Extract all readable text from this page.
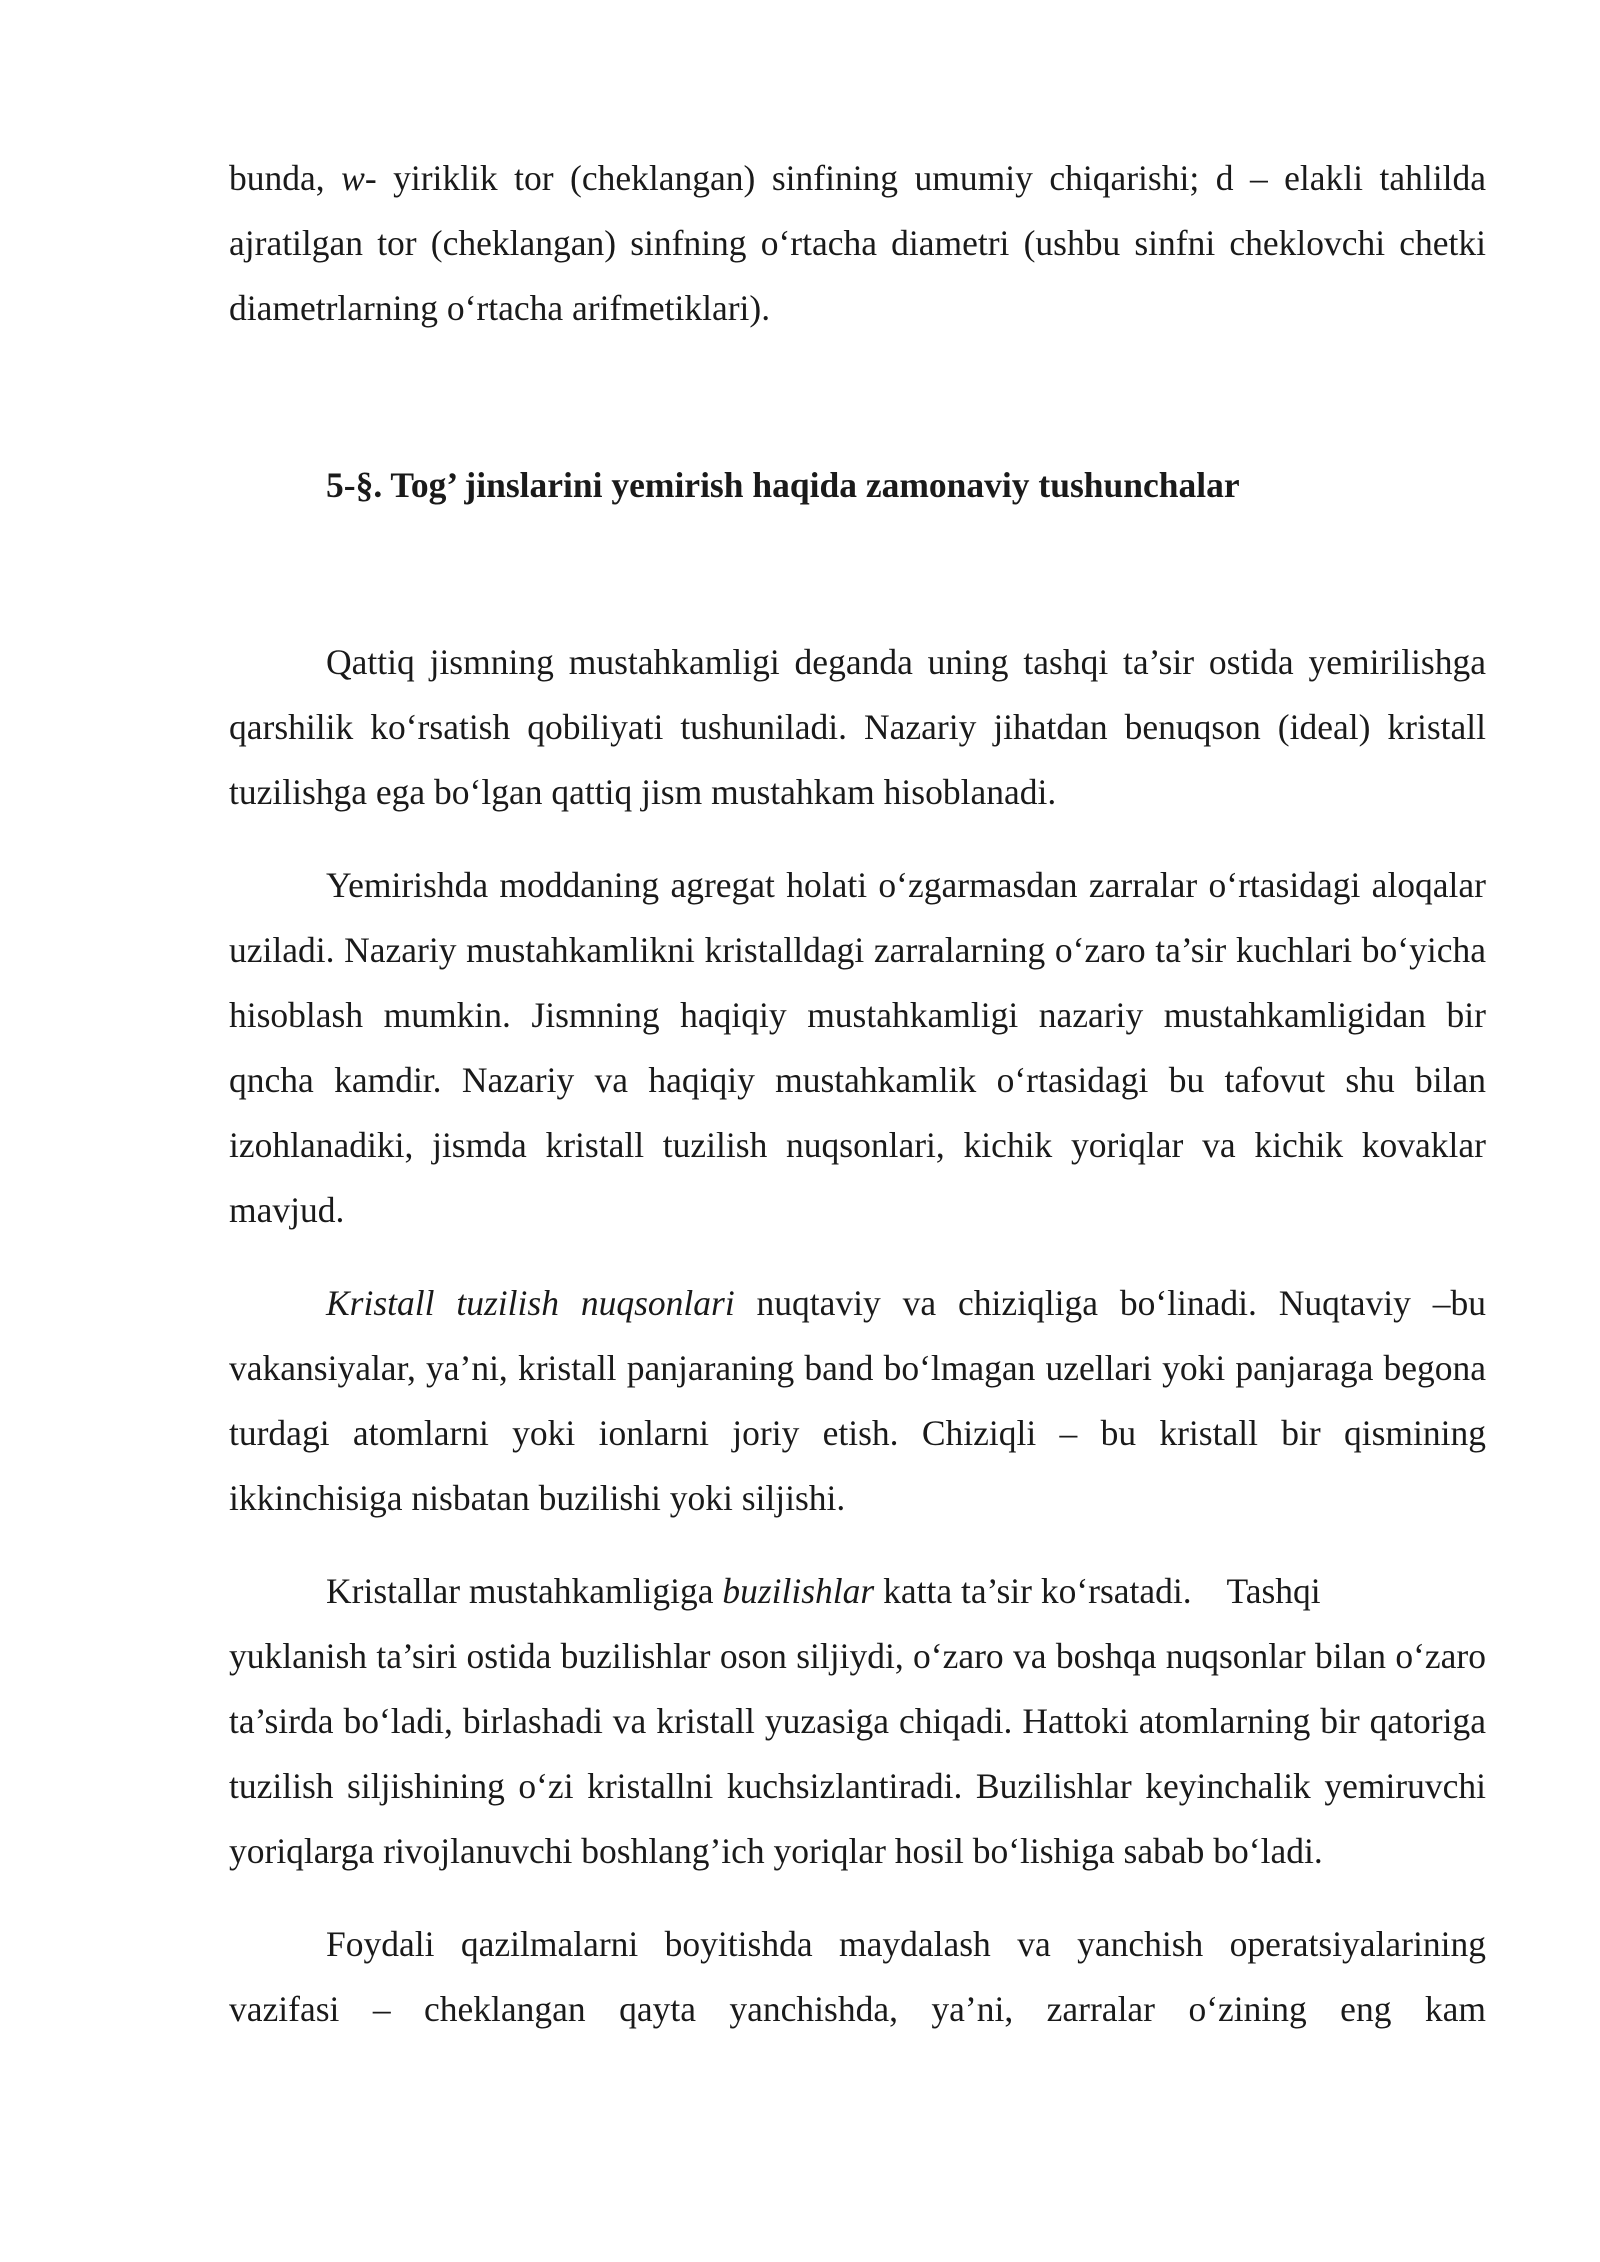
bunda, w- yiriklik tor (cheklangan) sinfining umumiy chiqarishi; d – elakli tahlilda ajratilgan tor (cheklangan) sinfning o‘rtacha diametri (ushbu sinfni cheklovchi chetki diametrlarning o‘rtacha arifmetiklari).

5-§. Tog’ jinslarini yemirish haqida zamonaviy tushunchalar

Qattiq jismning mustahkamligi deganda uning tashqi ta’sir ostida yemirilishga qarshilik ko‘rsatish qobiliyati tushuniladi. Nazariy jihatdan benuqson (ideal) kristall tuzilishga ega bo‘lgan qattiq jism mustahkam hisoblanadi.

Yemirishda moddaning agregat holati o‘zgarmasdan zarralar o‘rtasidagi aloqalar uziladi. Nazariy mustahkamlikni kristalldagi zarralarning o‘zaro ta’sir kuchlari bo‘yicha hisoblash mumkin. Jismning haqiqiy mustahkamligi nazariy mustahkamligidan bir qncha kamdir. Nazariy va haqiqiy mustahkamlik o‘rtasidagi bu tafovut shu bilan izohlanadiki, jismda kristall tuzilish nuqsonlari, kichik yoriqlar va kichik kovaklar mavjud.

Kristall tuzilish nuqsonlari nuqtaviy va chiziqliga bo‘linadi. Nuqtaviy –bu vakansiyalar, ya’ni, kristall panjaraning band bo‘lmagan uzellari yoki panjaraga begona turdagi atomlarni yoki ionlarni joriy etish. Chiziqli – bu kristall bir qismining ikkinchisiga nisbatan buzilishi yoki siljishi.

Kristallar mustahkamligiga buzilishlar katta ta’sir ko‘rsatadi.    Tashqi

yuklanish ta’siri ostida buzilishlar oson siljiydi, o‘zaro va boshqa nuqsonlar bilan o‘zaro ta’sirda bo‘ladi, birlashadi va kristall yuzasiga chiqadi. Hattoki atomlarning bir qatoriga tuzilish siljishining o‘zi kristallni kuchsizlantiradi. Buzilishlar keyinchalik yemiruvchi yoriqlarga rivojlanuvchi boshlang’ich yoriqlar hosil bo‘lishiga sabab bo‘ladi.

Foydali qazilmalarni boyitishda maydalash va yanchish operatsiyalarining vazifasi – cheklangan qayta yanchishda, ya’ni, zarralar o‘zining eng kam
